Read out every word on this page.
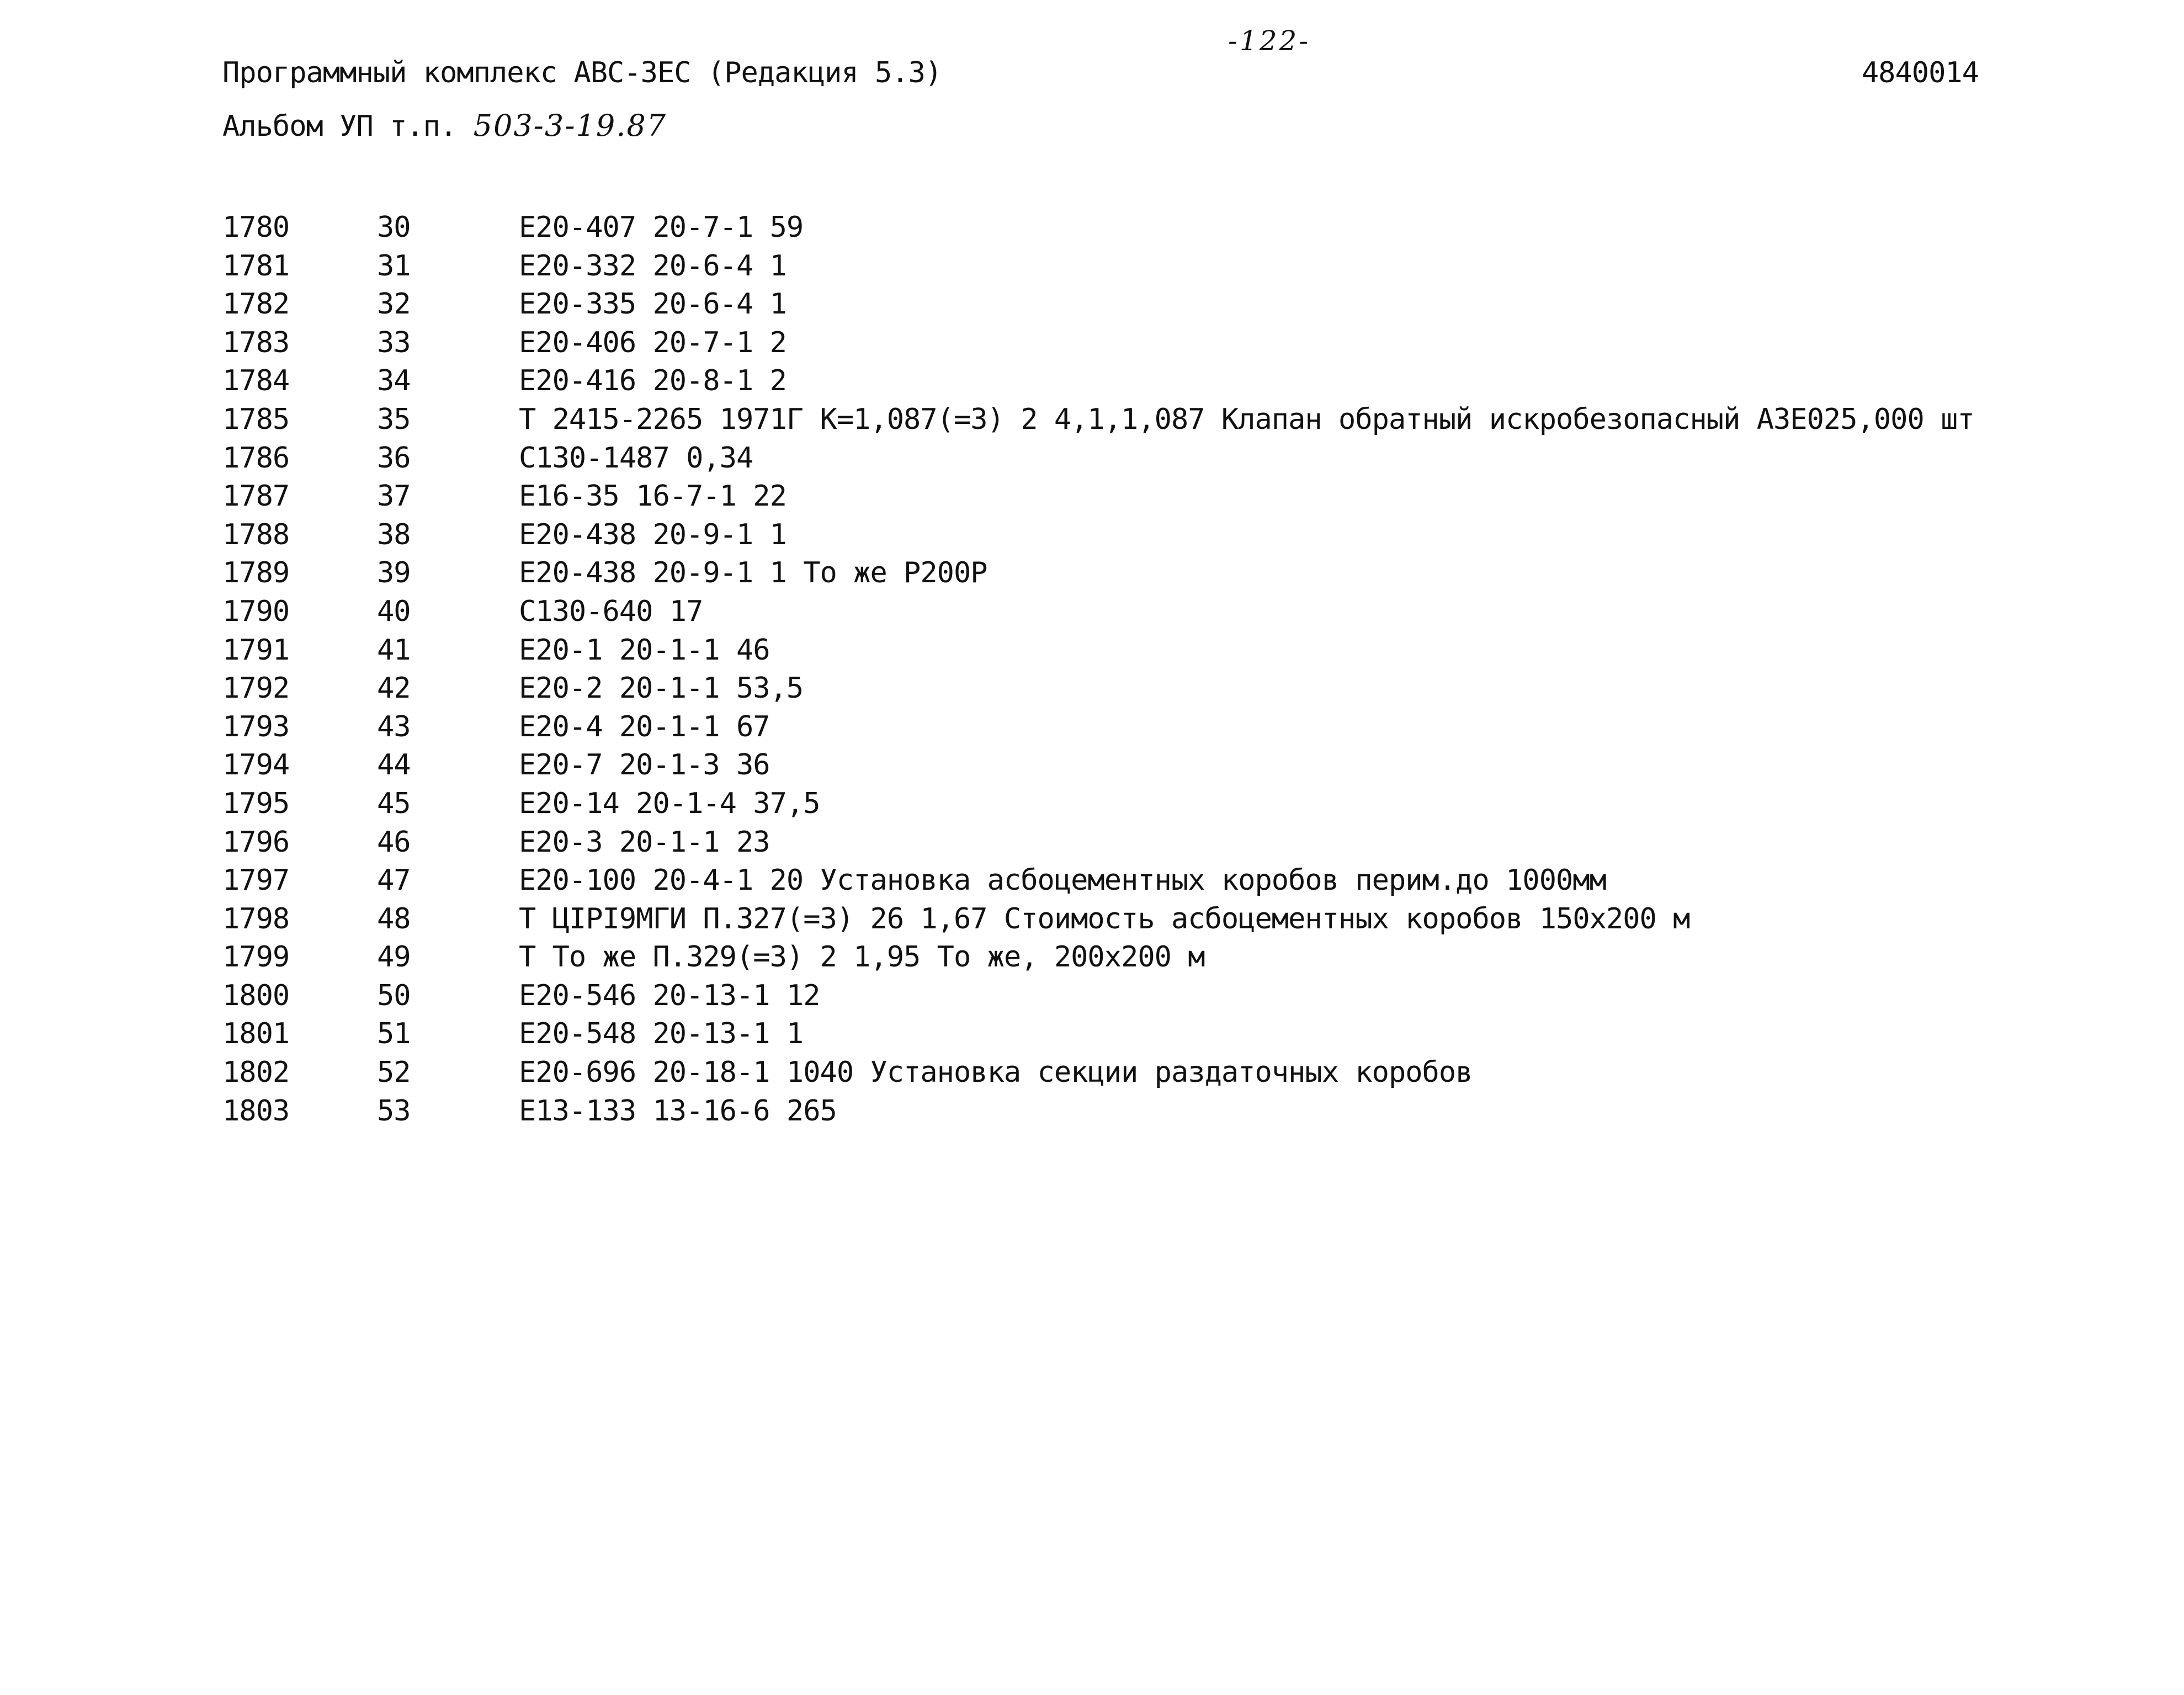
-122-
Программный комплекс АВС-3ЕС (Редакция 5.3)	4840014
Альбом УП т.п. 503-3-19.87
1780	30	Е20-407 20-7-1 59
1781	31	Е20-332 20-6-4 1
1782	32	Е20-335 20-6-4 1
1783	33	Е20-406 20-7-1 2
1784	34	Е20-416 20-8-1 2
1785	35	Т 2415-2265 1971Г К=1,087(=3) 2 4,1,1,087 Клапан обратный искробезопасный А3Е025,000 шт
1786	36	С130-1487 0,34
1787	37	Е16-35 16-7-1 22
1788	38	Е20-438 20-9-1 1
1789	39	Е20-438 20-9-1 1 То же Р200Р
1790	40	С130-640 17
1791	41	Е20-1 20-1-1 46
1792	42	Е20-2 20-1-1 53,5
1793	43	Е20-4 20-1-1 67
1794	44	Е20-7 20-1-3 36
1795	45	Е20-14 20-1-4 37,5
1796	46	Е20-3 20-1-1 23
1797	47	Е20-100 20-4-1 20 Установка асбоцементных коробов перим.до 1000мм
1798	48	Т ЦІРІ9МГИ П.327(=3) 26 1,67 Стоимость асбоцементных коробов 150х200 м
1799	49	Т То же П.329(=3) 2 1,95 То же, 200х200 м
1800	50	Е20-546 20-13-1 12
1801	51	Е20-548 20-13-1 1
1802	52	Е20-696 20-18-1 1040 Установка секции раздаточных коробов
1803	53	Е13-133 13-16-6 265
